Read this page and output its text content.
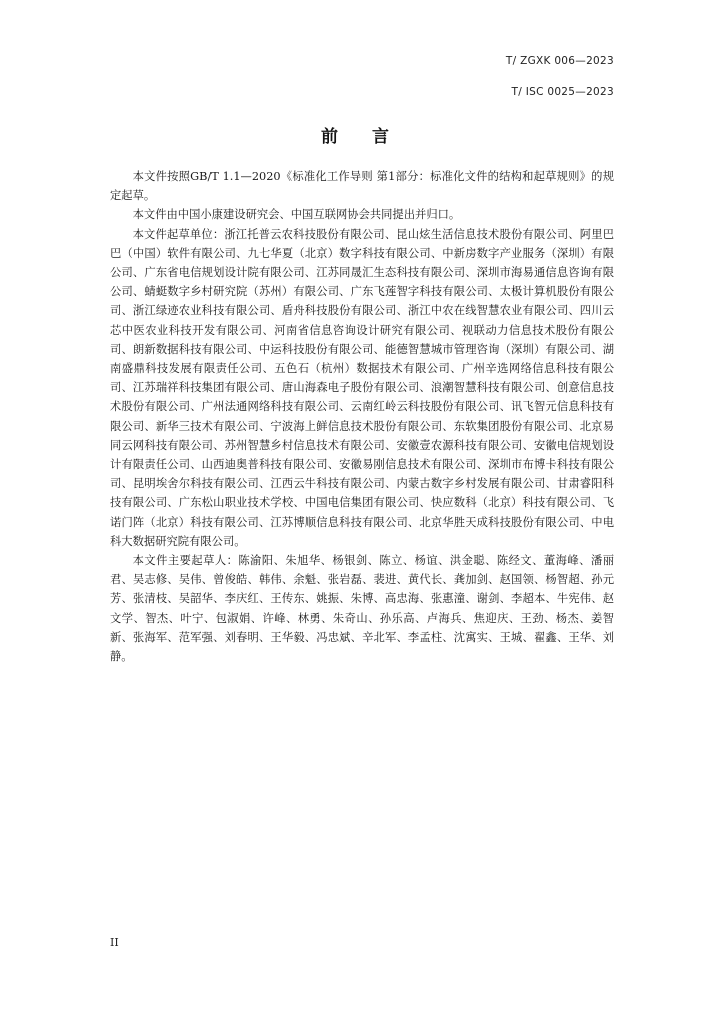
T/ ZGXK 006—2023
T/ ISC 0025—2023
前 言

本文件按照GB/T 1.1—2020《标准化工作导则 第1部分：标准化文件的结构和起草规则》的规定起草。

本文件由中国小康建设研究会、中国互联网协会共同提出并归口。

本文件起草单位：浙江托普云农科技股份有限公司、昆山炫生活信息技术股份有限公司、阿里巴巴（中国）软件有限公司、九七华夏（北京）数字科技有限公司、中新房数字产业服务（深圳）有限公司、广东省电信规划设计院有限公司、江苏同晟汇生态科技有限公司、深圳市海易通信息咨询有限公司、蜻蜓数字乡村研究院（苏州）有限公司、广东飞莲智字科技有限公司、太极计算机股份有限公司、浙江绿迹农业科技有限公司、盾舟科技股份有限公司、浙江中农在线智慧农业有限公司、四川云芯中医农业科技开发有限公司、河南省信息咨询设计研究有限公司、视联动力信息技术股份有限公司、朗新数据科技有限公司、中运科技股份有限公司、能德智慧城市管理咨询（深圳）有限公司、湖南盛鼎科技发展有限责任公司、五色石（杭州）数据技术有限公司、广州辛选网络信息科技有限公司、江苏瑞祥科技集团有限公司、唐山海森电子股份有限公司、浪潮智慧科技有限公司、创意信息技术股份有限公司、广州法通网络科技有限公司、云南红岭云科技股份有限公司、讯飞智元信息科技有限公司、新华三技术有限公司、宁波海上鲜信息技术股份有限公司、东软集团股份有限公司、北京易同云网科技有限公司、苏州智慧乡村信息技术有限公司、安徽壹农源科技有限公司、安徽电信规划设计有限责任公司、山西迪奥普科技有限公司、安徽易刚信息技术有限公司、深圳市布博卡科技有限公司、昆明埃舍尔科技有限公司、江西云牛科技有限公司、内蒙古数字乡村发展有限公司、甘肃睿阳科技有限公司、广东松山职业技术学校、中国电信集团有限公司、快应数科（北京）科技有限公司、飞诺门阵（北京）科技有限公司、江苏博顺信息科技有限公司、北京华胜天成科技股份有限公司、中电科大数据研究院有限公司。

本文件主要起草人：陈渝阳、朱旭华、杨银剑、陈立、杨谊、洪金聪、陈经文、董海峰、潘丽君、吴志修、吴伟、曾俊皓、韩伟、余魁、张岩磊、裴进、黄代长、龚加剑、赵国领、杨智超、孙元芳、张清枝、吴韶华、李庆红、王传东、姚振、朱博、高忠海、张惠潼、谢剑、李超本、牛宪伟、赵文学、智杰、叶宁、包淑娟、许峰、林勇、朱奇山、孙乐高、卢海兵、焦迎庆、王劲、杨杰、姜智新、张海军、范军强、刘春明、王华毅、冯忠斌、辛北军、李孟柱、沈寓实、王城、翟鑫、王华、刘静。

II
